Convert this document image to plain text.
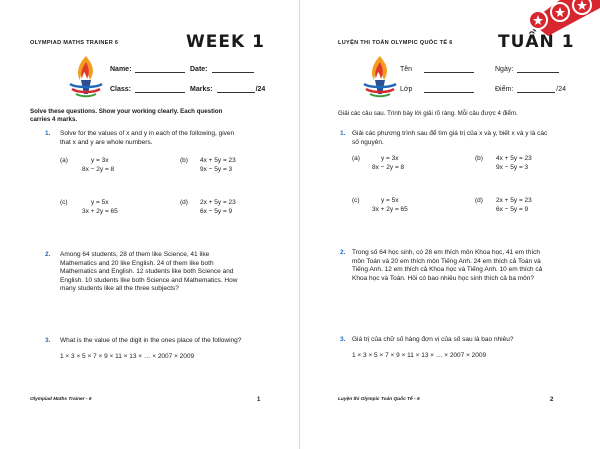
OLYMPIAD MATHS TRAINER 6	WEEK 1
Name:	Date:
Class:	Marks:	/24
Solve these questions. Show your working clearly. Each question
carries 4 marks.
1. Solve for the values of x and y in each of the following, given
that x and y are whole numbers.
(a)	y = 3x
8x − 2y = 8
(b) 4x + 5y = 23
9x − 5y = 3
(c)	y = 5x
3x + 2y = 65
(d) 2x + 5y = 23
6x − 5y = 9
2. Among 64 students, 28 of them like Science, 41 like
Mathematics and 20 like English. 24 of them like both
Mathematics and English. 12 students like both Science and
English. 10 students like both Science and Mathematics. How
many students like all the three subjects?
3. What is the value of the digit in the ones place of the following?
1 × 3 × 5 × 7 × 9 × 11 × 13 × … × 2007 × 2009
Olympiad Maths Trainer - 6	1
LUYỆN THI TOÁN OLYMPIC QUỐC TẾ 6	TUẦN 1
Tên	Ngày:
Lớp	Điểm:	/24
Giải các câu sau. Trình bày lời giải rõ ràng. Mỗi câu được 4 điểm.
1. Giải các phương trình sau để tìm giá trị của x và y, biết x và y là các
số nguyên.
(a)	y = 3x
8x − 2y = 8
(b) 4x + 5y = 23
9x − 5y = 3
(c)	y = 5x
3x + 2y = 65
(d) 2x + 5y = 23
6x − 5y = 9
2. Trong số 64 học sinh, có 28 em thích môn Khoa học, 41 em thích
môn Toán và 20 em thích môn Tiếng Anh. 24 em thích cả Toán và
Tiếng Anh. 12 em thích cả Khoa học và Tiếng Anh. 10 em thích cả
Khoa học và Toán. Hỏi có bao nhiêu học sinh thích cả ba môn?
3. Giá trị của chữ số hàng đơn vị của số sau là bao nhiêu?
1 × 3 × 5 × 7 × 9 × 11 × 13 × … × 2007 × 2009
Luyện thi Olympic Toán Quốc Tế - 6	2
